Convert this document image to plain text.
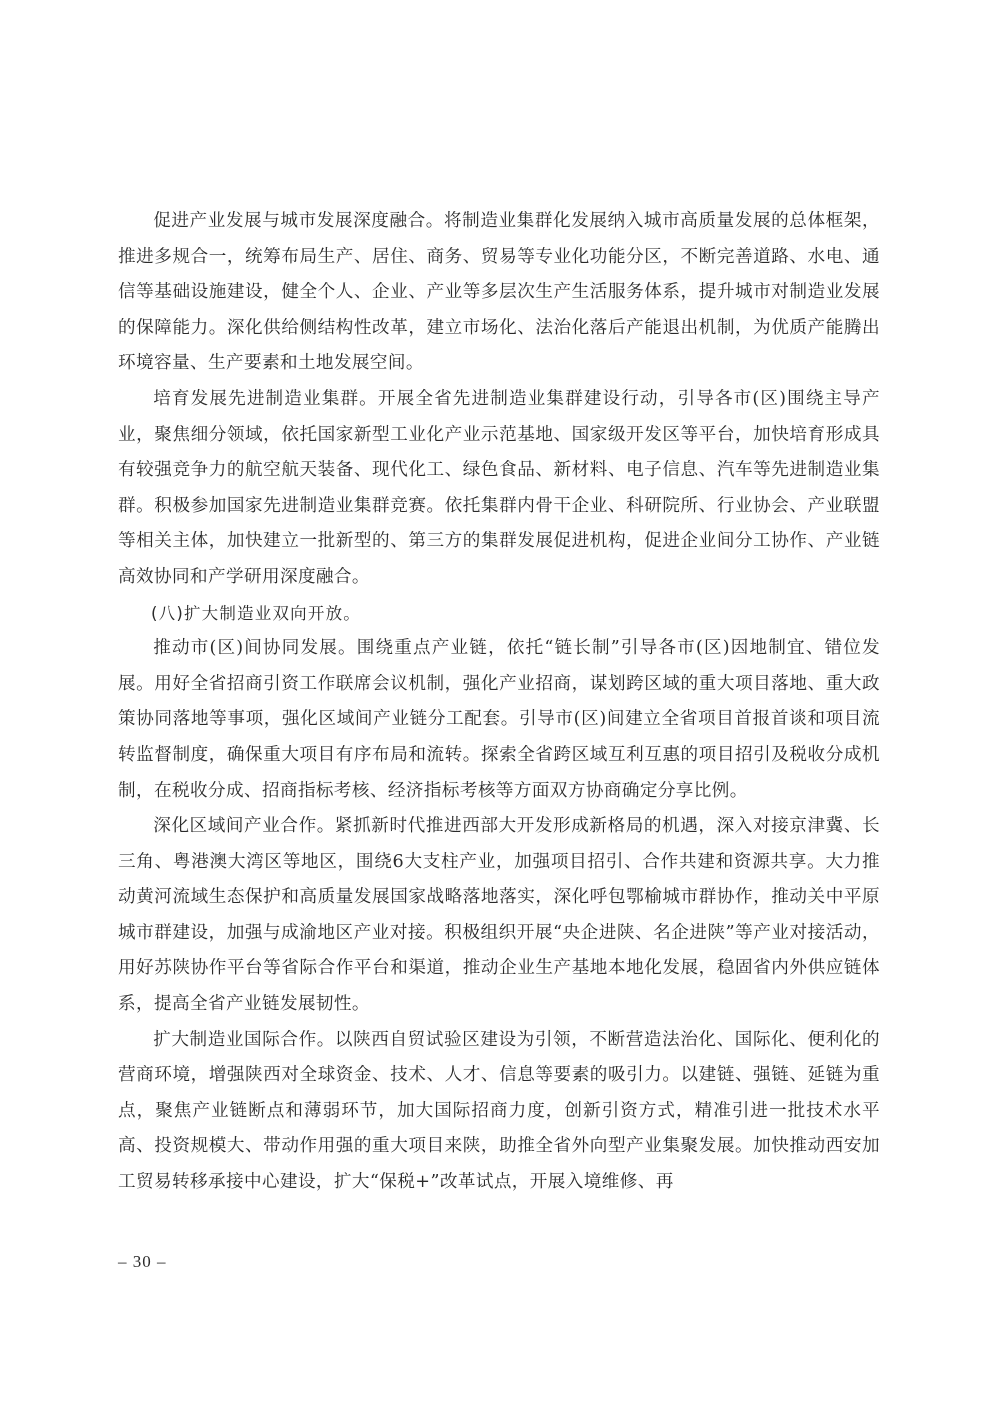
促进产业发展与城市发展深度融合。将制造业集群化发展纳入城市高质量发展的总体框架，推进多规合一，统筹布局生产、居住、商务、贸易等专业化功能分区，不断完善道路、水电、通信等基础设施建设，健全个人、企业、产业等多层次生产生活服务体系，提升城市对制造业发展的保障能力。深化供给侧结构性改革，建立市场化、法治化落后产能退出机制，为优质产能腾出环境容量、生产要素和土地发展空间。

培育发展先进制造业集群。开展全省先进制造业集群建设行动，引导各市(区)围绕主导产业，聚焦细分领域，依托国家新型工业化产业示范基地、国家级开发区等平台，加快培育形成具有较强竞争力的航空航天装备、现代化工、绿色食品、新材料、电子信息、汽车等先进制造业集群。积极参加国家先进制造业集群竞赛。依托集群内骨干企业、科研院所、行业协会、产业联盟等相关主体，加快建立一批新型的、第三方的集群发展促进机构，促进企业间分工协作、产业链高效协同和产学研用深度融合。

(八)扩大制造业双向开放。

推动市(区)间协同发展。围绕重点产业链，依托“链长制”引导各市(区)因地制宜、错位发展。用好全省招商引资工作联席会议机制，强化产业招商，谋划跨区域的重大项目落地、重大政策协同落地等事项，强化区域间产业链分工配套。引导市(区)间建立全省项目首报首谈和项目流转监督制度，确保重大项目有序布局和流转。探索全省跨区域互利互惠的项目招引及税收分成机制，在税收分成、招商指标考核、经济指标考核等方面双方协商确定分享比例。

深化区域间产业合作。紧抓新时代推进西部大开发形成新格局的机遇，深入对接京津冀、长三角、粤港澳大湾区等地区，围绕6大支柱产业，加强项目招引、合作共建和资源共享。大力推动黄河流域生态保护和高质量发展国家战略落地落实，深化呼包鄂榆城市群协作，推动关中平原城市群建设，加强与成渝地区产业对接。积极组织开展“央企进陕、名企进陕”等产业对接活动，用好苏陕协作平台等省际合作平台和渠道，推动企业生产基地本地化发展，稳固省内外供应链体系，提高全省产业链发展韧性。

扩大制造业国际合作。以陕西自贸试验区建设为引领，不断营造法治化、国际化、便利化的营商环境，增强陕西对全球资金、技术、人才、信息等要素的吸引力。以建链、强链、延链为重点，聚焦产业链断点和薄弱环节，加大国际招商力度，创新引资方式，精准引进一批技术水平高、投资规模大、带动作用强的重大项目来陕，助推全省外向型产业集聚发展。加快推动西安加工贸易转移承接中心建设，扩大“保税+”改革试点，开展入境维修、再

– 30 –
